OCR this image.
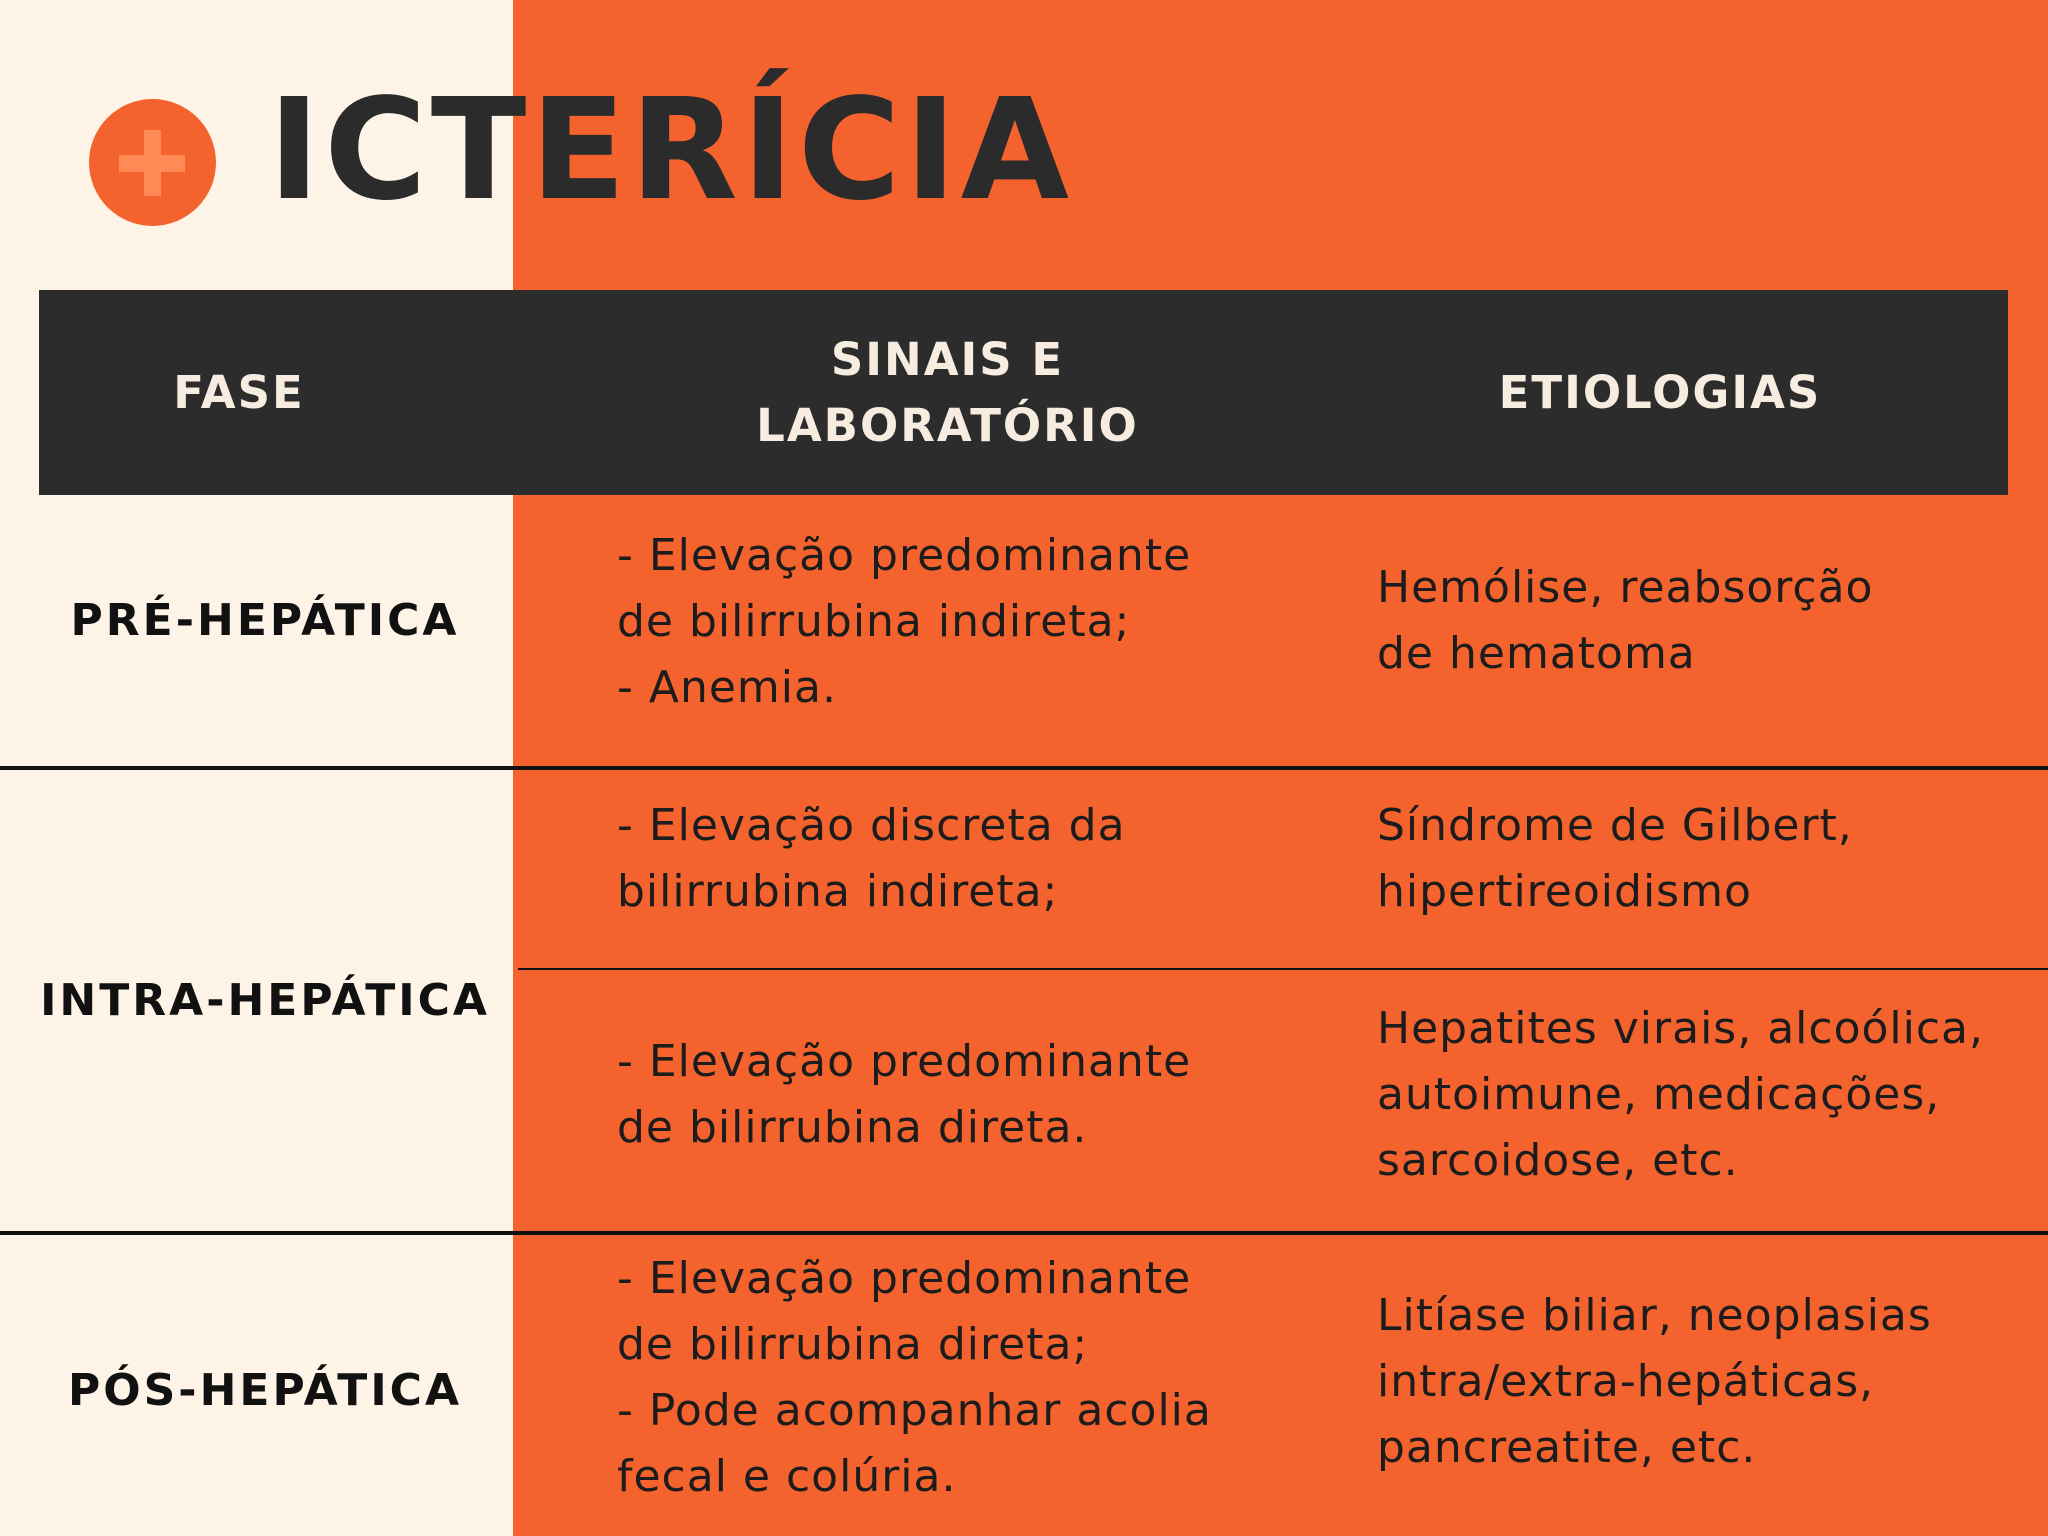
ICTERÍCIA
FASE
SINAIS E LABORATÓRIO
ETIOLOGIAS
PRÉ-HEPÁTICA
- Elevação predominante
de bilirrubina indireta;
- Anemia.
Hemólise, reabsorção
de hematoma
INTRA-HEPÁTICA
- Elevação discreta da
bilirrubina indireta;
Síndrome de Gilbert,
hipertireoidismo
- Elevação predominante
de bilirrubina direta.
Hepatites virais, alcoólica,
autoimune, medicações,
sarcoidose, etc.
PÓS-HEPÁTICA
- Elevação predominante
de bilirrubina direta;
- Pode acompanhar acolia
fecal e colúria.
Litíase biliar, neoplasias
intra/extra-hepáticas,
pancreatite, etc.
